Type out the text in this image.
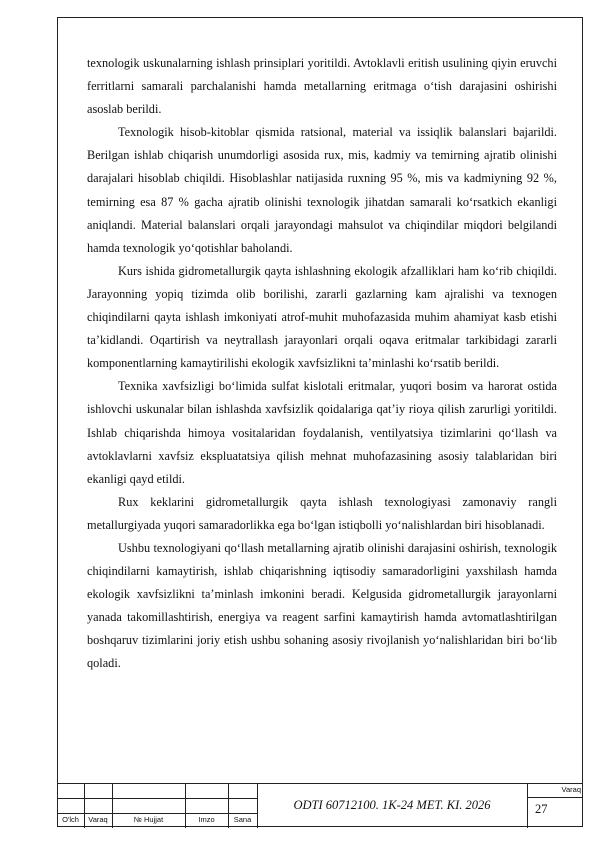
texnologik uskunalarning ishlash prinsiplari yoritildi. Avtoklavli eritish usulining qiyin eruvchi ferritlarni samarali parchalanishi hamda metallarning eritmaga o‘tish darajasini oshirishi asoslab berildi.

Texnologik hisob-kitoblar qismida ratsional, material va issiqlik balanslari bajarildi. Berilgan ishlab chiqarish unumdorligi asosida rux, mis, kadmiy va temirning ajratib olinishi darajalari hisoblab chiqildi. Hisoblashlar natijasida ruxning 95 %, mis va kadmiyning 92 %, temirning esa 87 % gacha ajratib olinishi texnologik jihatdan samarali ko‘rsatkich ekanligi aniqlandi. Material balanslari orqali jarayondagi mahsulot va chiqindilar miqdori belgilandi hamda texnologik yo‘qotishlar baholandi.

Kurs ishida gidrometallurgik qayta ishlashning ekologik afzalliklari ham ko‘rib chiqildi. Jarayonning yopiq tizimda olib borilishi, zararli gazlarning kam ajralishi va texnogen chiqindilarni qayta ishlash imkoniyati atrof-muhit muhofazasida muhim ahamiyat kasb etishi ta’kidlandi. Oqartirish va neytrallash jarayonlari orqali oqava eritmalar tarkibidagi zararli komponentlarning kamaytirilishi ekologik xavfsizlikni ta’minlashi ko‘rsatib berildi.

Texnika xavfsizligi bo‘limida sulfat kislotali eritmalar, yuqori bosim va harorat ostida ishlovchi uskunalar bilan ishlashda xavfsizlik qoidalariga qat’iy rioya qilish zarurligi yoritildi. Ishlab chiqarishda himoya vositalaridan foydalanish, ventilyatsiya tizimlarini qo‘llash va avtoklavlarni xavfsiz ekspluatatsiya qilish mehnat muhofazasining asosiy talablaridan biri ekanligi qayd etildi.

Rux keklarini gidrometallurgik qayta ishlash texnologiyasi zamonaviy rangli metallurgiyada yuqori samaradorlikka ega bo‘lgan istiqbolli yo‘nalishlardan biri hisoblanadi.

Ushbu texnologiyani qo‘llash metallarning ajratib olinishi darajasini oshirish, texnologik chiqindilarni kamaytirish, ishlab chiqarishning iqtisodiy samaradorligini yaxshilash hamda ekologik xavfsizlikni ta’minlash imkonini beradi. Kelgusida gidrometallurgik jarayonlarni yanada takomillashtirish, energiya va reagent sarfini kamaytirish hamda avtomatlashtirilgan boshqaruv tizimlarini joriy etish ushbu sohaning asosiy rivojlanish yo‘nalishlaridan biri bo‘lib qoladi.

O'lch	Varaq	№ Hujjat	Imzo	Sana
ODTI 60712100. 1K-24 MET. KI. 2026
Varaq
27
